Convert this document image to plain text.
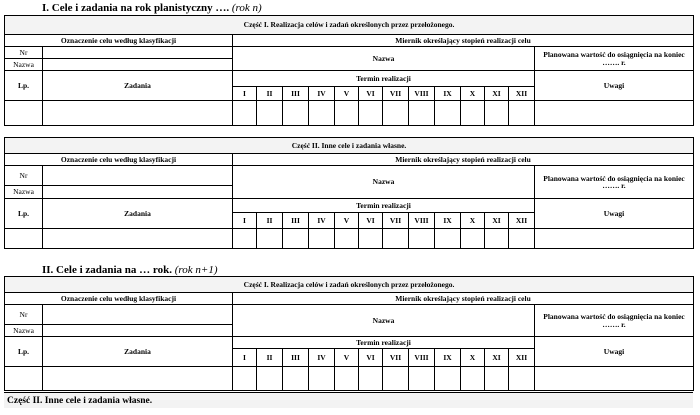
I. Cele i zadania na rok planistyczny …. (rok n)
Część I. Realizacja celów i zadań określonych przez przełożonego.														
Oznaczenie celu według klasyfikacji		Miernik określający stopień realizacji celu												
Nr		Nazwa												Planowana wartość do osiągnięcia na koniec ……. r.
Nazwa														
Lp.	Zadania	Termin realizacji												Uwagi
		I	II	III	IV	V	VI	VII	VIII	IX	X	XI	XII	

Część II. Inne cele i zadania własne.														
Oznaczenie celu według klasyfikacji		Miernik określający stopień realizacji celu												
Nr		Nazwa												Planowana wartość do osiągnięcia na koniec ……. r.
Nazwa														
Lp.	Zadania	Termin realizacji												Uwagi
		I	II	III	IV	V	VI	VII	VIII	IX	X	XI	XII	

II. Cele i zadania na … rok. (rok n+1)
Część I. Realizacja celów i zadań określonych przez przełożonego.														
Oznaczenie celu według klasyfikacji		Miernik określający stopień realizacji celu												
Nr		Nazwa												Planowana wartość do osiągnięcia na koniec ……. r.
Nazwa														
Lp.	Zadania	Termin realizacji												Uwagi
		I	II	III	IV	V	VI	VII	VIII	IX	X	XI	XII	

Część II. Inne cele i zadania własne.
